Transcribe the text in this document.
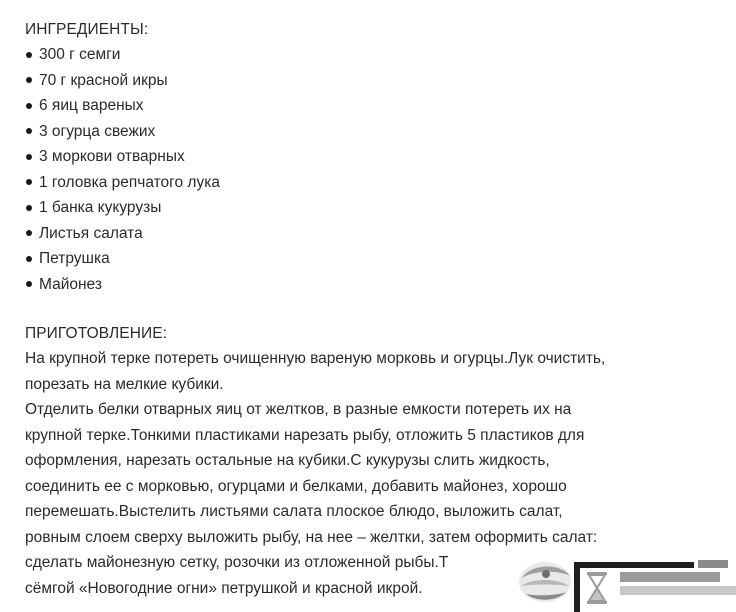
ИНГРЕДИЕНТЫ:
300 г семги
70 г красной икры
6 яиц вареных
3 огурца свежих
3 моркови отварных
1 головка репчатого лука
1 банка кукурузы
Листья салата
Петрушка
Майонез
ПРИГОТОВЛЕНИЕ:

На крупной терке потереть очищенную вареную морковь и огурцы.Лук очистить,

порезать на мелкие кубики.

Отделить белки отварных яиц от желтков, в разные емкости потереть их на

крупной терке.Тонкими пластиками нарезать рыбу, отложить 5 пластиков для

оформления, нарезать остальные на кубики.С кукурузы слить жидкость,

соединить ее с морковью, огурцами и белками, добавить майонез, хорошо

перемешать.Выстелить листьями салата плоское блюдо, выложить салат,

ровным слоем сверху выложить рыбу, на нее – желтки, затем оформить салат:

сделать майонезную сетку, розочки из отложенной рыбы.Т

сёмгой «Новогодние огни» петрушкой и красной икрой.
